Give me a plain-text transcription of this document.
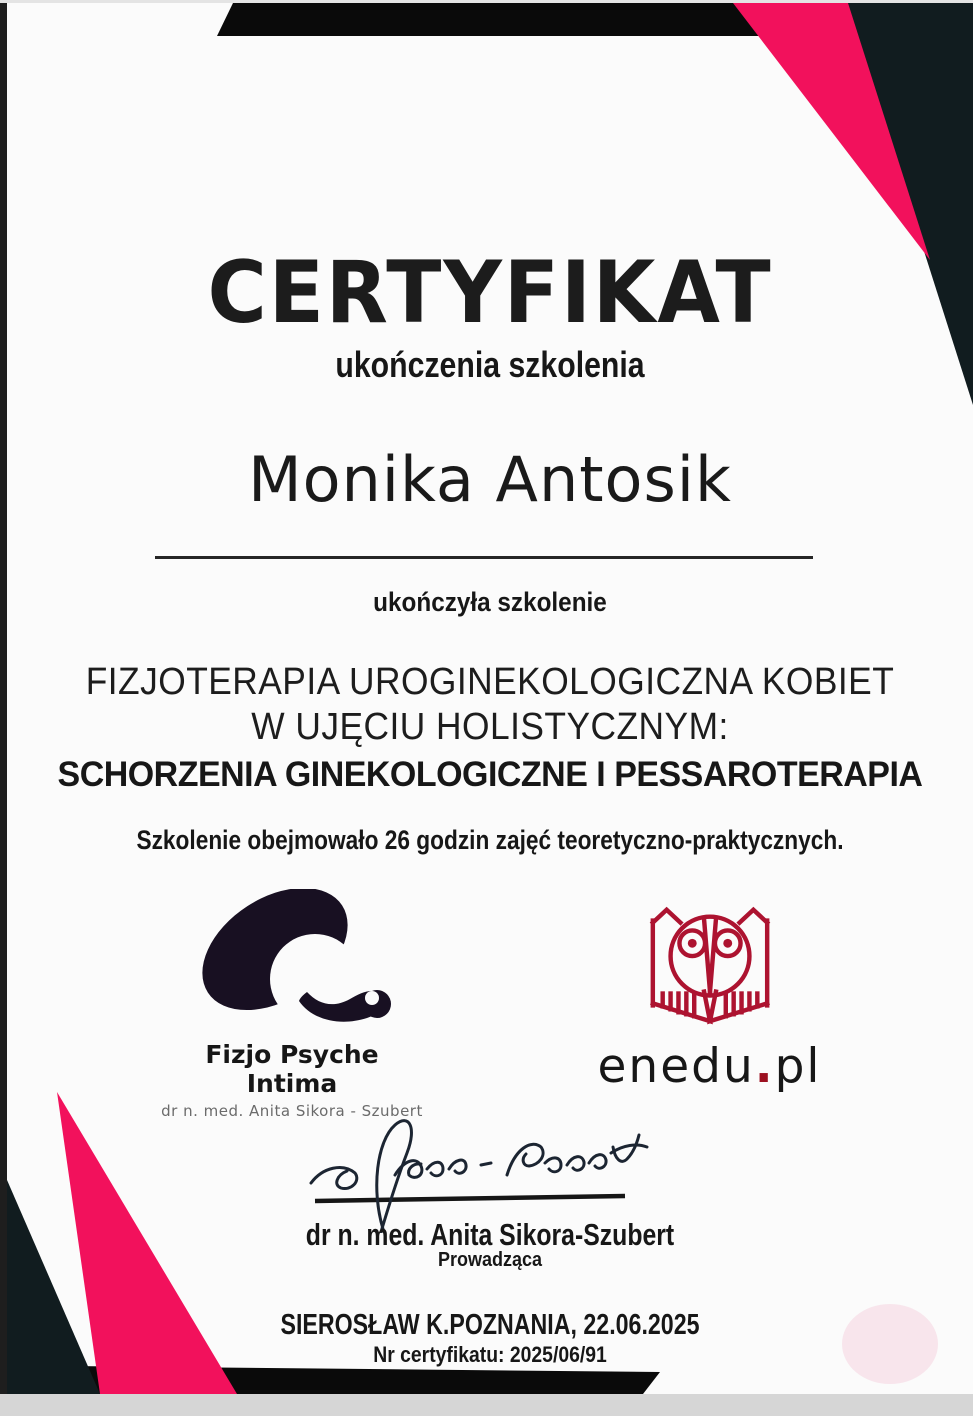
CERTYFIKAT
ukończenia szkolenia
Monika Antosik
ukończyła szkolenie
FIZJOTERAPIA UROGINEKOLOGICZNA KOBIET
W UJĘCIU HOLISTYCZNYM:
SCHORZENIA GINEKOLOGICZNE I PESSAROTERAPIA
Szkolenie obejmowało 26 godzin zajęć teoretyczno-praktycznych.
Fizjo Psyche Intima
dr n. med. Anita Sikora - Szubert
enedu.pl
dr n. med. Anita Sikora-Szubert
Prowadząca
SIEROSŁAW K.POZNANIA, 22.06.2025
Nr certyfikatu: 2025/06/91
